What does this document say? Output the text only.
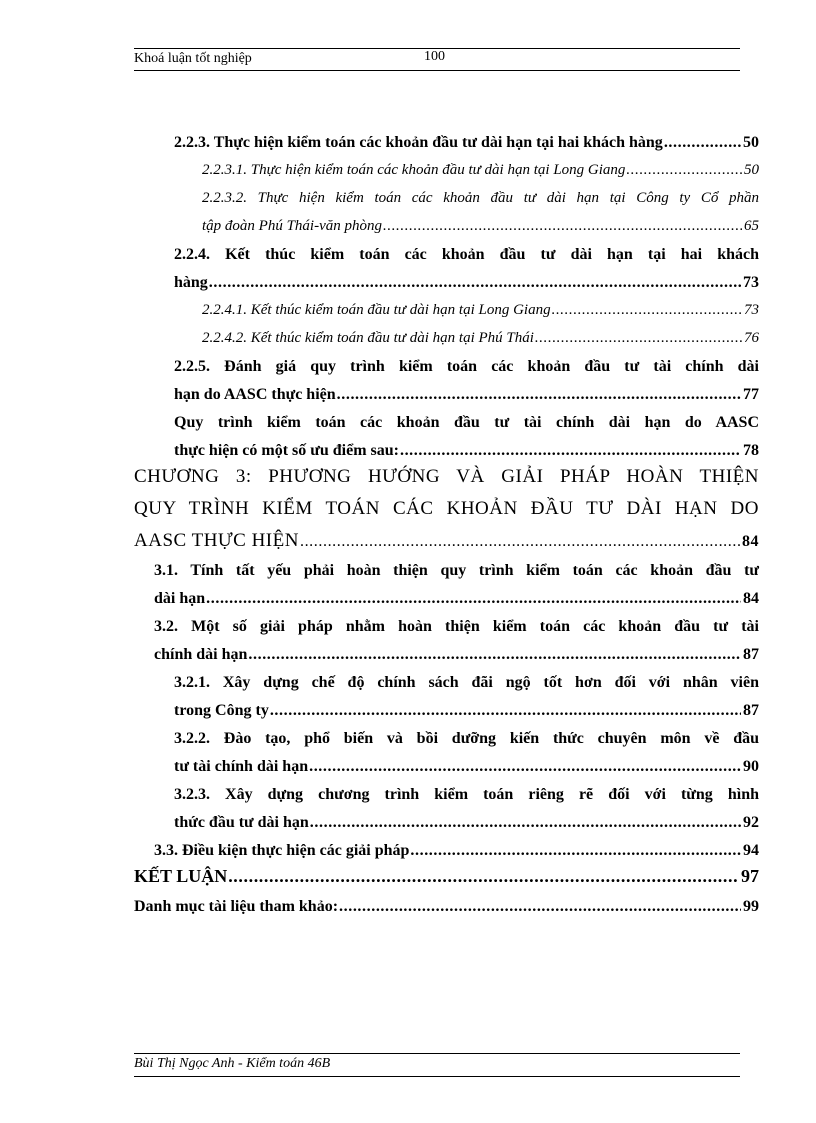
Khoá luận tốt nghiệp	100
2.2.3. Thực hiện kiểm toán các khoản đầu tư dài hạn tại hai khách hàng .....	50
2.2.3.1. Thực hiện kiểm toán các khoản đầu tư dài hạn tại Long Giang .....	50
2.2.3.2. Thực hiện kiểm toán các khoản đầu tư dài hạn tại Công ty Cổ phần
tập đoàn Phú Thái-văn phòng .....	65
2.2.4. Kết thúc kiểm toán các khoản đầu tư dài hạn tại hai khách
hàng .....	73
2.2.4.1. Kết thúc kiểm toán đầu tư dài hạn tại Long Giang .....	73
2.2.4.2. Kết thúc kiểm toán đầu tư dài hạn tại Phú Thái .....	76
2.2.5. Đánh giá quy trình kiểm toán các khoản đầu tư tài chính dài
hạn do AASC thực hiện .....	77
Quy trình kiểm toán các khoản đầu tư tài chính dài hạn do AASC
thực hiện có một số ưu điểm sau: .....	78
CHƯƠNG 3: PHƯƠNG HƯỚNG VÀ GIẢI PHÁP HOÀN THIỆN
QUY TRÌNH KIỂM TOÁN CÁC KHOẢN ĐẦU TƯ DÀI HẠN DO
AASC THỰC HIỆN .....	84
3.1. Tính tất yếu phải hoàn thiện quy trình kiểm toán các khoản đầu tư
dài hạn .....	84
3.2. Một số giải pháp nhằm hoàn thiện kiểm toán các khoản đầu tư tài
chính dài hạn .....	87
3.2.1. Xây dựng chế độ chính sách đãi ngộ tốt hơn đối với nhân viên
trong Công ty .....	87
3.2.2. Đào tạo, phổ biến và bồi dưỡng kiến thức chuyên môn về đầu
tư tài chính dài hạn .....	90
3.2.3. Xây dựng chương trình kiểm toán riêng rẽ đối với từng hình
thức đầu tư dài hạn .....	92
3.3. Điều kiện thực hiện các giải pháp .....	94
KẾT LUẬN .....	97
Danh mục tài liệu tham khảo: .....	99
Bùi Thị Ngọc Anh - Kiểm toán 46B
